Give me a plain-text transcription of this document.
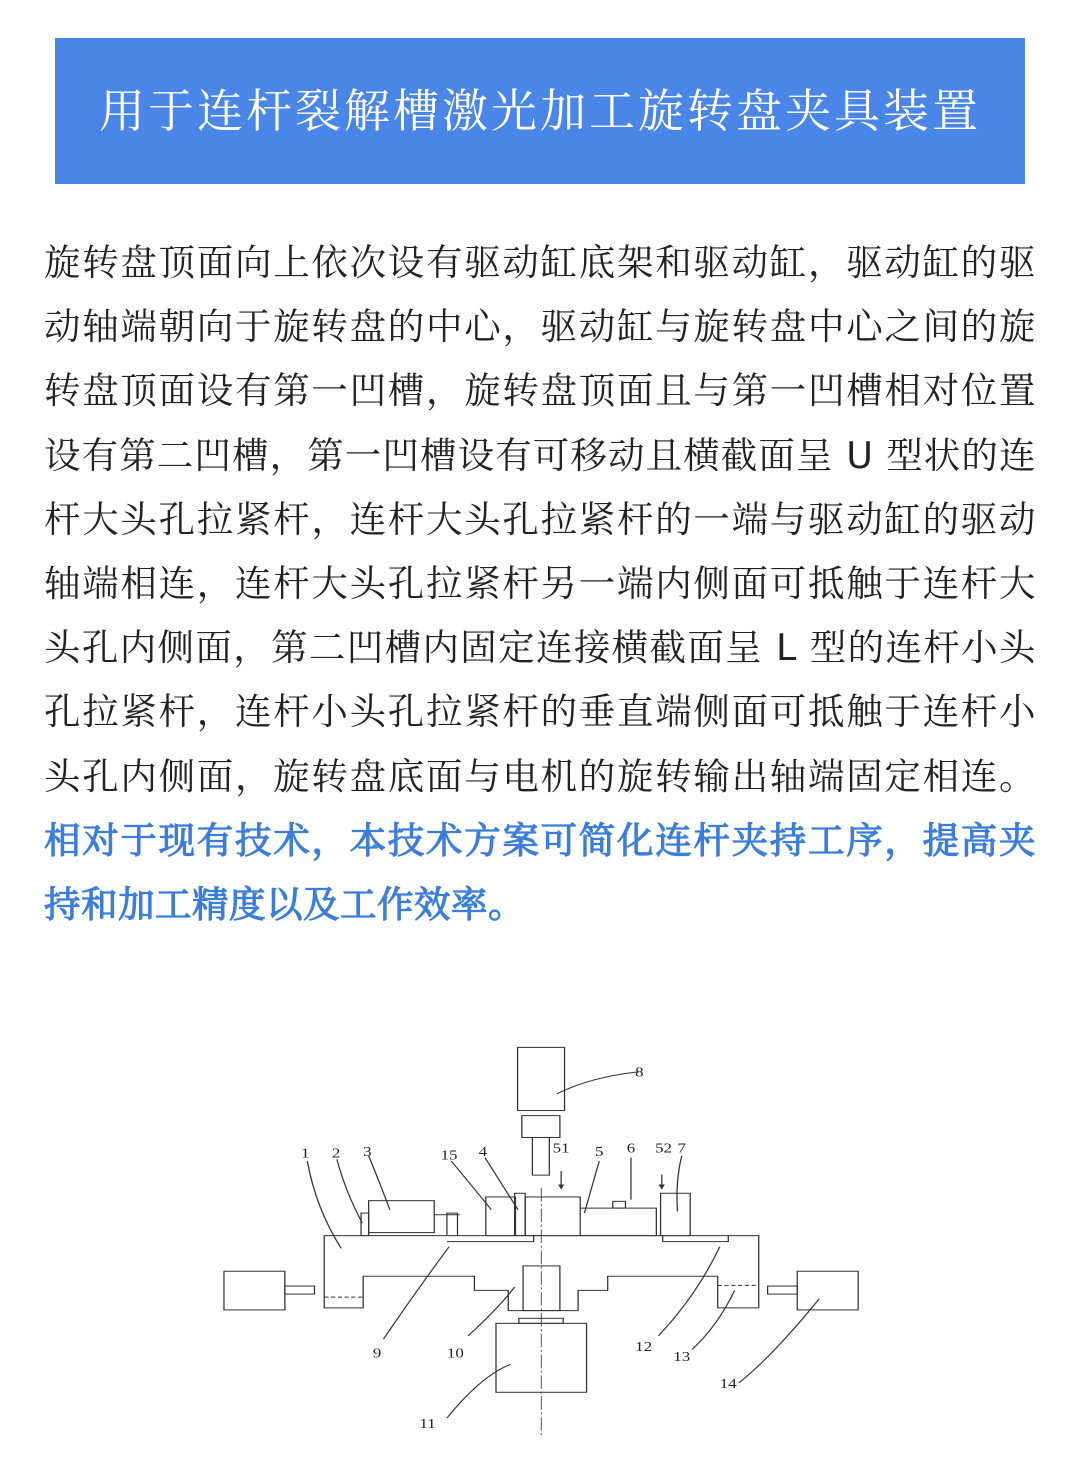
用于连杆裂解槽激光加工旋转盘夹具装置
旋转盘顶面向上依次设有驱动缸底架和驱动缸，驱动缸的驱动轴端朝向于旋转盘的中心，驱动缸与旋转盘中心之间的旋转盘顶面设有第一凹槽，旋转盘顶面且与第一凹槽相对位置设有第二凹槽，第一凹槽设有可移动且横截面呈 U 型状的连杆大头孔拉紧杆，连杆大头孔拉紧杆的一端与驱动缸的驱动轴端相连，连杆大头孔拉紧杆另一端内侧面可抵触于连杆大头孔内侧面，第二凹槽内固定连接横截面呈 L 型的连杆小头孔拉紧杆，连杆小头孔拉紧杆的垂直端侧面可抵触于连杆小头孔内侧面，旋转盘底面与电机的旋转输出轴端固定相连。相对于现有技术，本技术方案可简化连杆夹持工序，提高夹持和加工精度以及工作效率。
8
1 2 3 15 4 51 5 6 52 7
9 10
11
12
13
14
